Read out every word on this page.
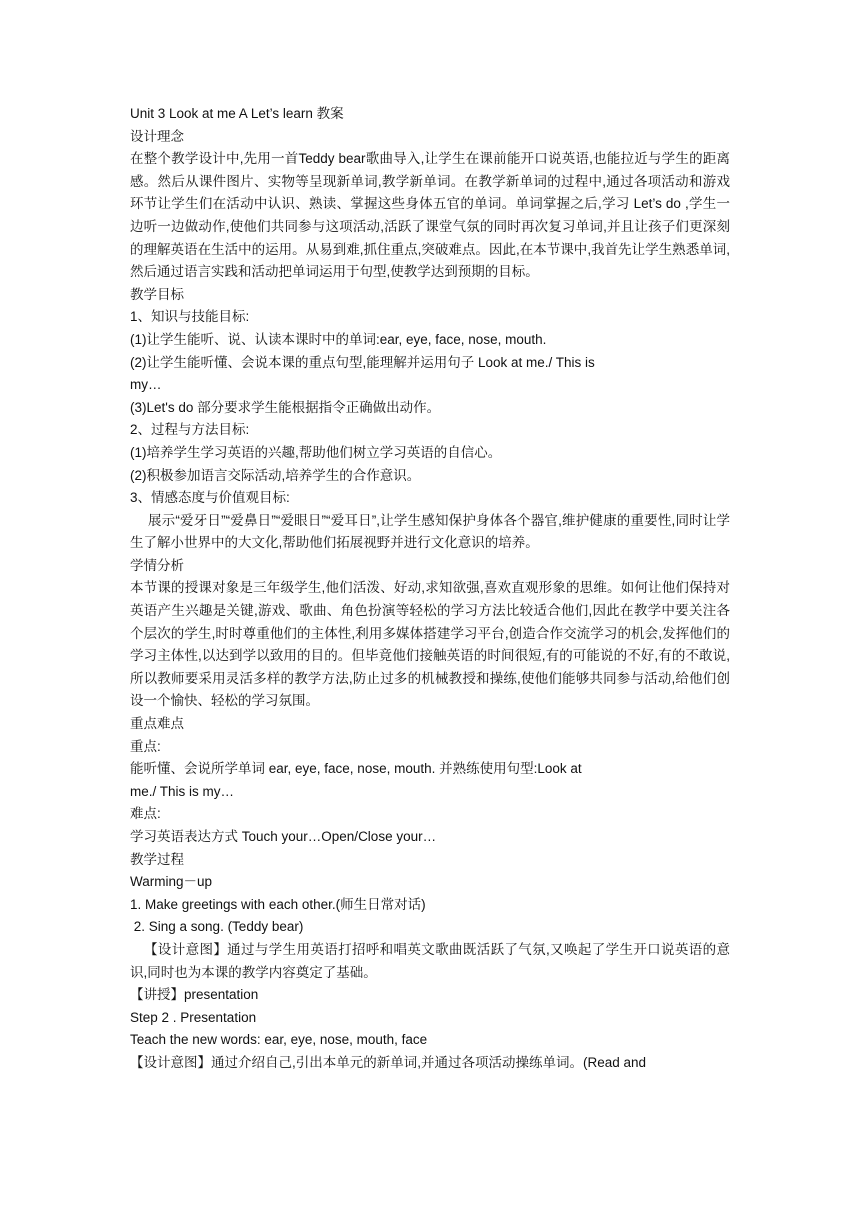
Unit 3 Look at me A Let’s learn 教案
设计理念
在整个教学设计中,先用一首Teddy bear歌曲导入,让学生在课前能开口说英语,也能拉近与学生的距离感。然后从课件图片、实物等呈现新单词,教学新单词。在教学新单词的过程中,通过各项活动和游戏环节让学生们在活动中认识、熟读、掌握这些身体五官的单词。单词掌握之后,学习 Let’s do ,学生一边听一边做动作,使他们共同参与这项活动,活跃了课堂气氛的同时再次复习单词,并且让孩子们更深刻的理解英语在生活中的运用。从易到难,抓住重点,突破难点。因此,在本节课中,我首先让学生熟悉单词,然后通过语言实践和活动把单词运用于句型,使教学达到预期的目标。
教学目标
1、知识与技能目标:
(1)让学生能听、说、认读本课时中的单词:ear, eye, face, nose, mouth.
(2)让学生能听懂、会说本课的重点句型,能理解并运用句子 Look at me./ This is
my…
(3)Let's do 部分要求学生能根据指令正确做出动作。
2、过程与方法目标:
(1)培养学生学习英语的兴趣,帮助他们树立学习英语的自信心。
(2)积极参加语言交际活动,培养学生的合作意识。
3、情感态度与价值观目标:
展示“爱牙日”“爱鼻日”“爱眼日”“爱耳日”,让学生感知保护身体各个器官,维护健康的重要性,同时让学生了解小世界中的大文化,帮助他们拓展视野并进行文化意识的培养。
学情分析
本节课的授课对象是三年级学生,他们活泼、好动,求知欲强,喜欢直观形象的思维。如何让他们保持对英语产生兴趣是关键,游戏、歌曲、角色扮演等轻松的学习方法比较适合他们,因此在教学中要关注各个层次的学生,时时尊重他们的主体性,利用多媒体搭建学习平台,创造合作交流学习的机会,发挥他们的学习主体性,以达到学以致用的目的。但毕竟他们接触英语的时间很短,有的可能说的不好,有的不敢说,所以教师要采用灵活多样的教学方法,防止过多的机械教授和操练,使他们能够共同参与活动,给他们创设一个愉快、轻松的学习氛围。
重点难点
重点:
能听懂、会说所学单词 ear, eye, face, nose, mouth. 并熟练使用句型:Look at
me./ This is my…
难点:
学习英语表达方式 Touch your…Open/Close your…
教学过程
Warming－up
1. Make greetings with each other.(师生日常对话)
2. Sing a song. (Teddy bear)
【设计意图】通过与学生用英语打招呼和唱英文歌曲既活跃了气氛,又唤起了学生开口说英语的意识,同时也为本课的教学内容奠定了基础。
【讲授】presentation
Step 2 . Presentation
Teach the new words: ear, eye, nose, mouth, face
【设计意图】通过介绍自己,引出本单元的新单词,并通过各项活动操练单词。(Read and
